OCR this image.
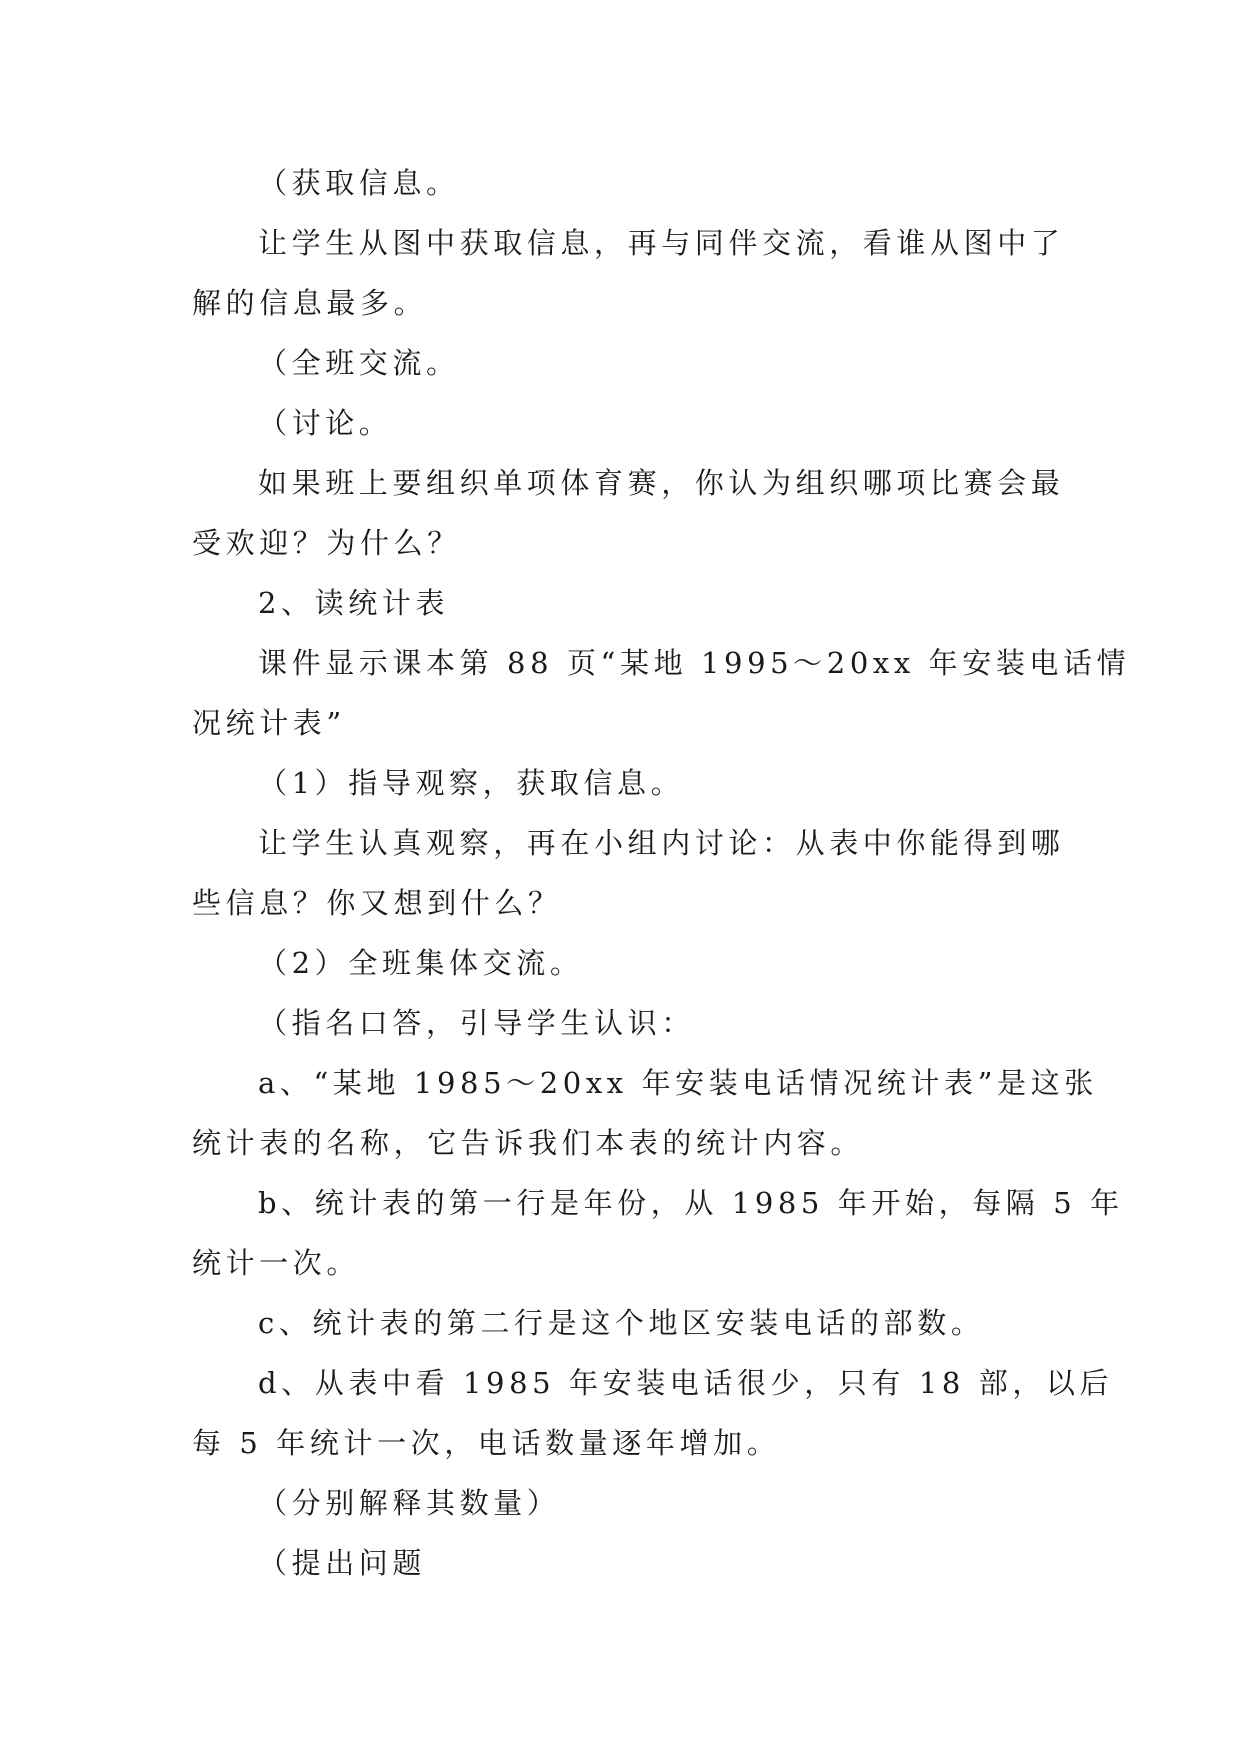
（获取信息。
让学生从图中获取信息，再与同伴交流，看谁从图中了
解的信息最多。
（全班交流。
（讨论。
如果班上要组织单项体育赛，你认为组织哪项比赛会最
受欢迎？为什么？
2、读统计表
课件显示课本第 88 页“某地 1995～20xx 年安装电话情
况统计表”
（1）指导观察，获取信息。
让学生认真观察，再在小组内讨论：从表中你能得到哪
些信息？你又想到什么？
（2）全班集体交流。
（指名口答，引导学生认识：
a、“某地 1985～20xx 年安装电话情况统计表”是这张
统计表的名称，它告诉我们本表的统计内容。
b、统计表的第一行是年份，从 1985 年开始，每隔 5 年
统计一次。
c、统计表的第二行是这个地区安装电话的部数。
d、从表中看 1985 年安装电话很少，只有 18 部，以后
每 5 年统计一次，电话数量逐年增加。
（分别解释其数量）
（提出问题
